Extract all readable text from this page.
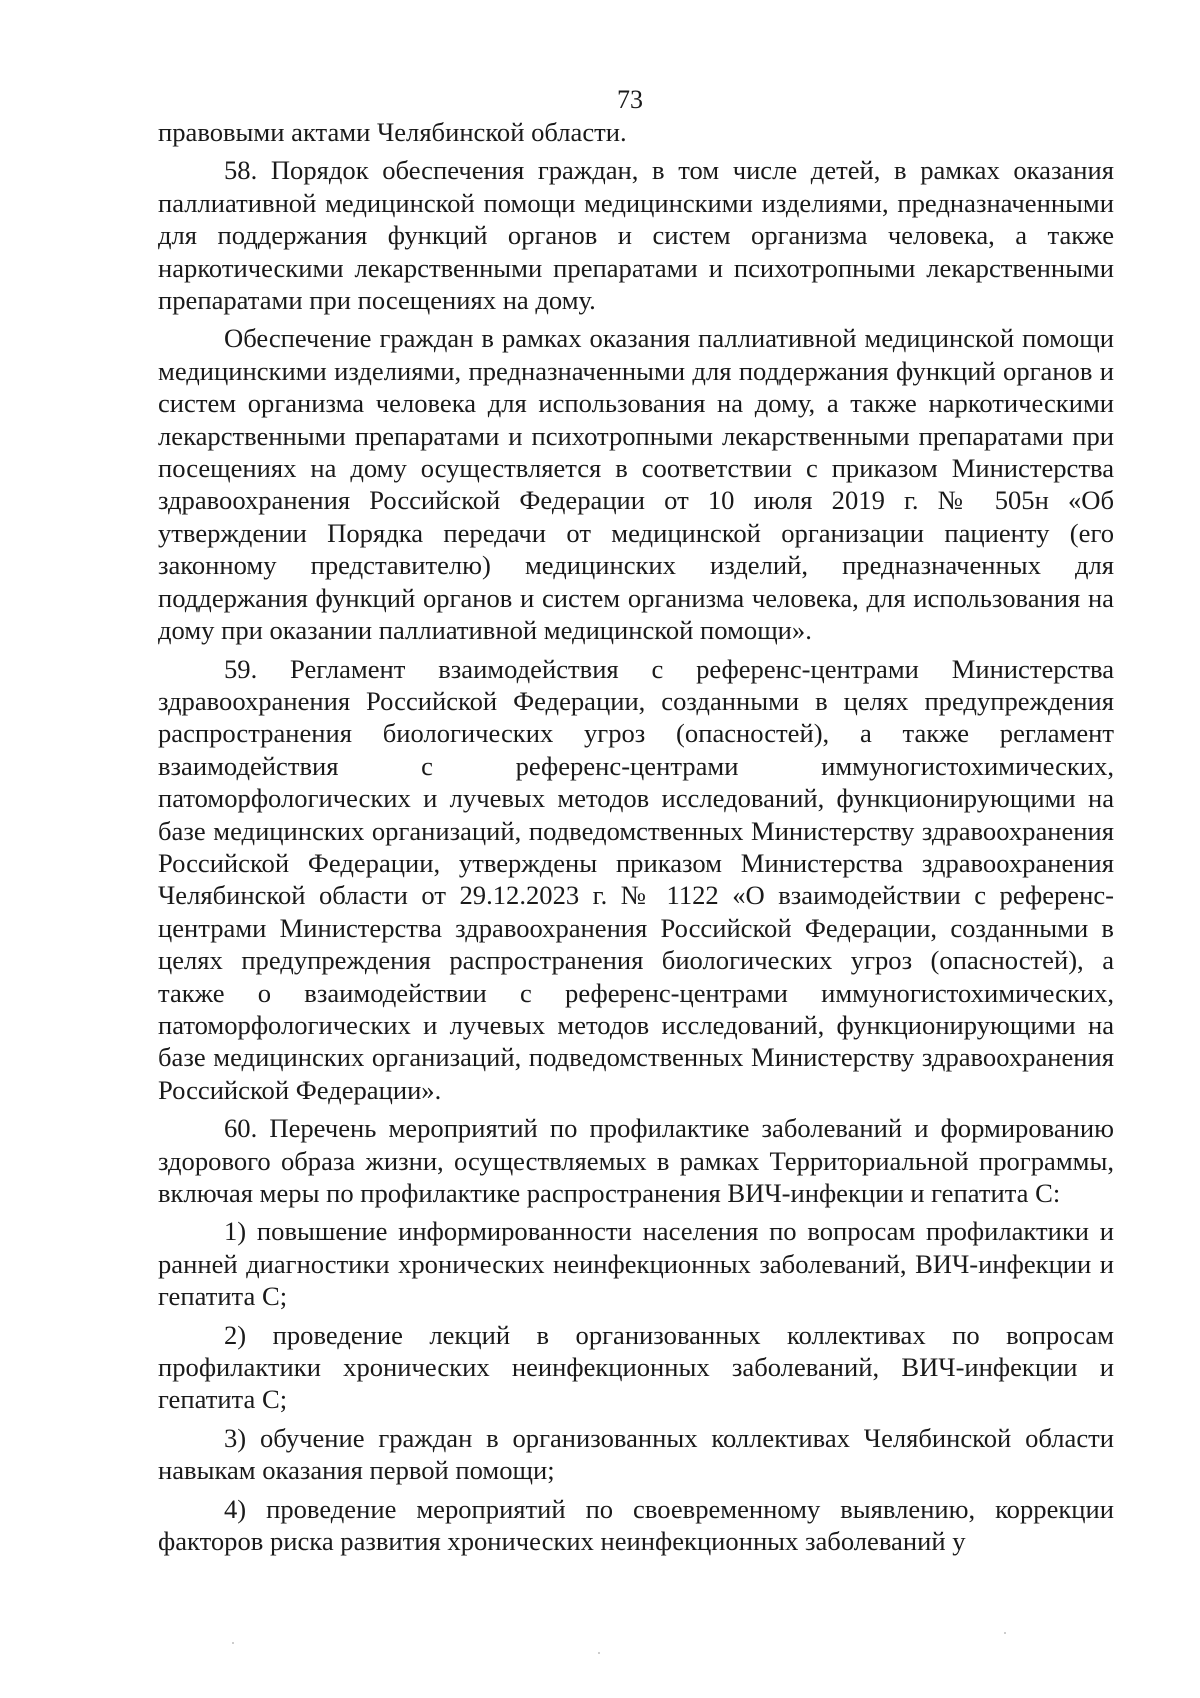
73

правовыми актами Челябинской области.

58. Порядок обеспечения граждан, в том числе детей, в рамках оказания паллиативной медицинской помощи медицинскими изделиями, предназначенными для поддержания функций органов и систем организма человека, а также наркотическими лекарственными препаратами и психотропными лекарственными препаратами при посещениях на дому.

Обеспечение граждан в рамках оказания паллиативной медицинской помощи медицинскими изделиями, предназначенными для поддержания функций органов и систем организма человека для использования на дому, а также наркотическими лекарственными препаратами и психотропными лекарственными препаратами при посещениях на дому осуществляется в соответствии с приказом Министерства здравоохранения Российской Федерации от 10 июля 2019 г. № 505н «Об утверждении Порядка передачи от медицинской организации пациенту (его законному представителю) медицинских изделий, предназначенных для поддержания функций органов и систем организма человека, для использования на дому при оказании паллиативной медицинской помощи».

59. Регламент взаимодействия с референс-центрами Министерства здравоохранения Российской Федерации, созданными в целях предупреждения распространения биологических угроз (опасностей), а также регламент взаимодействия с референс-центрами иммуногистохимических, патоморфологических и лучевых методов исследований, функционирующими на базе медицинских организаций, подведомственных Министерству здравоохранения Российской Федерации, утверждены приказом Министерства здравоохранения Челябинской области от 29.12.2023 г. № 1122 «О взаимодействии с референс-центрами Министерства здравоохранения Российской Федерации, созданными в целях предупреждения распространения биологических угроз (опасностей), а также о взаимодействии с референс-центрами иммуногистохимических, патоморфологических и лучевых методов исследований, функционирующими на базе медицинских организаций, подведомственных Министерству здравоохранения Российской Федерации».

60. Перечень мероприятий по профилактике заболеваний и формированию здорового образа жизни, осуществляемых в рамках Территориальной программы, включая меры по профилактике распространения ВИЧ-инфекции и гепатита С:

1) повышение информированности населения по вопросам профилактики и ранней диагностики хронических неинфекционных заболеваний, ВИЧ-инфекции и гепатита С;

2) проведение лекций в организованных коллективах по вопросам профилактики хронических неинфекционных заболеваний, ВИЧ-инфекции и гепатита С;

3) обучение граждан в организованных коллективах Челябинской области навыкам оказания первой помощи;

4) проведение мероприятий по своевременному выявлению, коррекции факторов риска развития хронических неинфекционных заболеваний у
